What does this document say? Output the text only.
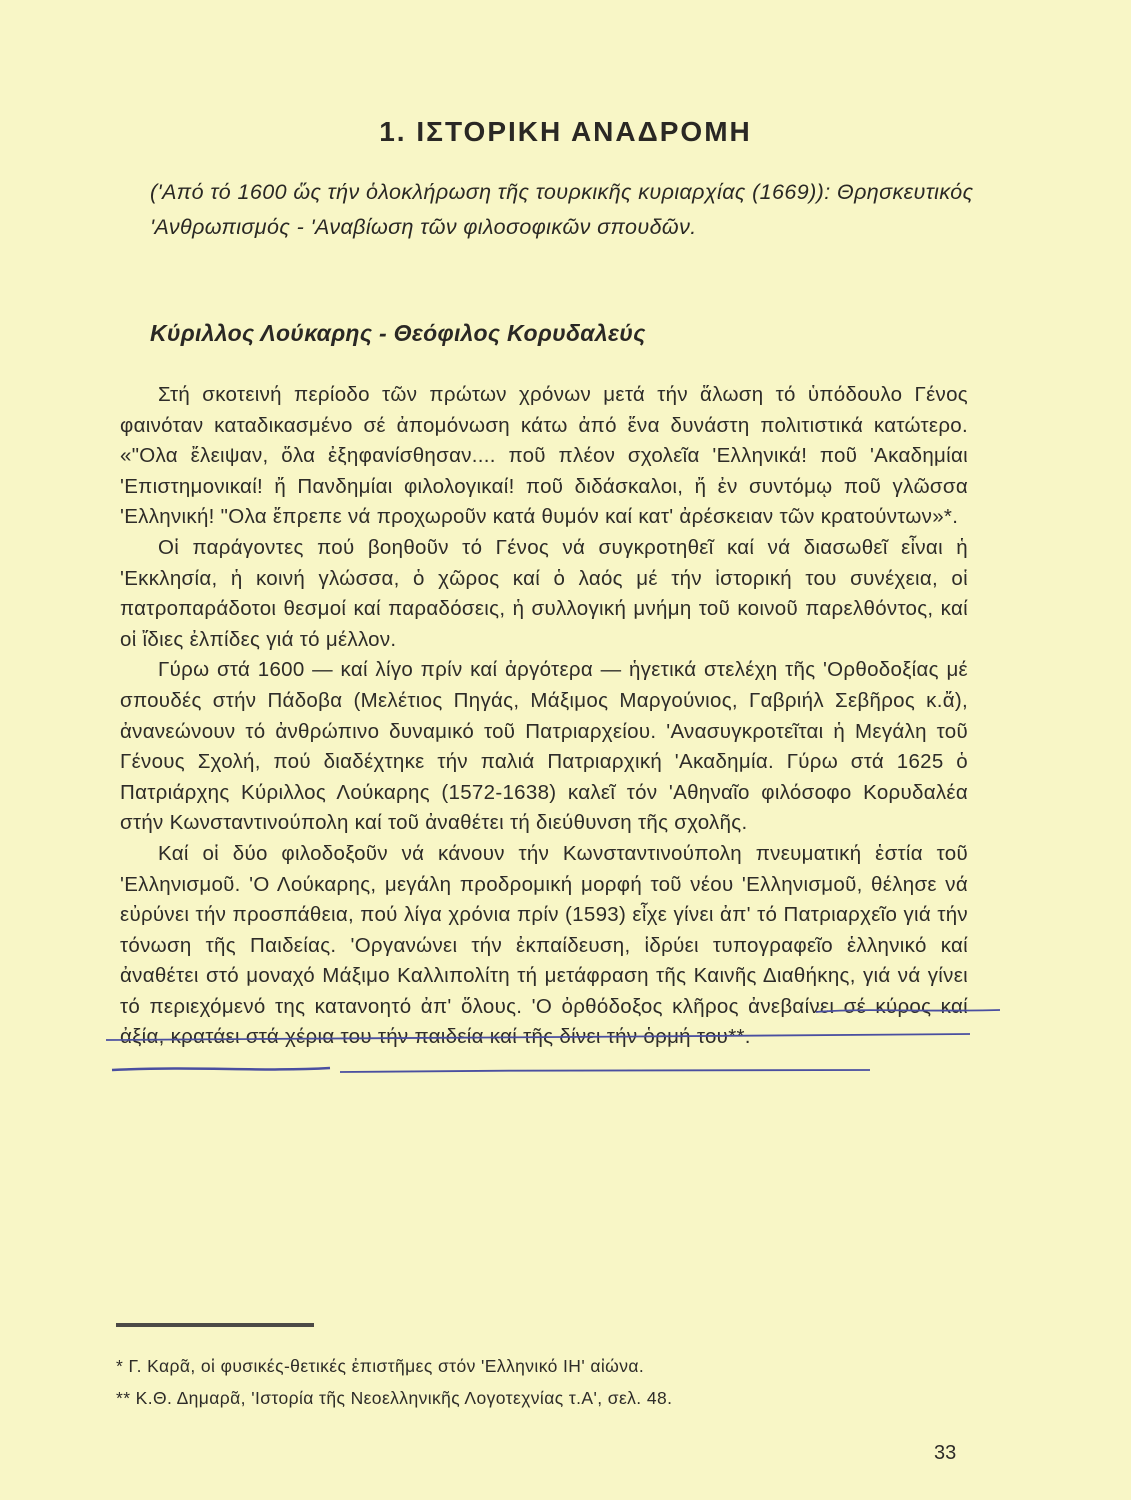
1. ΙΣΤΟΡΙΚΗ ΑΝΑΔΡΟΜΗ
('Από τό 1600 ὥς τήν ὁλοκλήρωση τῆς τουρκικῆς κυριαρχίας (1669)): Θρησκευτικός 'Ανθρωπισμός - 'Αναβίωση τῶν φιλοσοφικῶν σπουδῶν.
Κύριλλος Λούκαρης - Θεόφιλος Κορυδαλεύς

Στή σκοτεινή περίοδο τῶν πρώτων χρόνων μετά τήν ἅλωση τό ὑπόδουλο Γένος φαινόταν καταδικασμένο σέ ἀπομόνωση κάτω ἀπό ἕνα δυνάστη πολιτιστικά κατώτερο. «"Ολα ἔλειψαν, ὅλα ἐξηφανίσθησαν.... ποῦ πλέον σχολεῖα 'Ελληνικά! ποῦ 'Ακαδημίαι 'Επιστημονικαί! ἤ Πανδημίαι φιλολογικαί! ποῦ διδάσκαλοι, ἤ ἐν συντόμῳ ποῦ γλῶσσα 'Ελληνική! "Ολα ἔπρεπε νά προχωροῦν κατά θυμόν καί κατ' ἀρέσκειαν τῶν κρατούντων»*.

Οἱ παράγοντες πού βοηθοῦν τό Γένος νά συγκροτηθεῖ καί νά διασωθεῖ εἶναι ἡ 'Εκκλησία, ἡ κοινή γλώσσα, ὁ χῶρος καί ὁ λαός μέ τήν ἱστορική του συνέχεια, οἱ πατροπαράδοτοι θεσμοί καί παραδόσεις, ἡ συλλογική μνήμη τοῦ κοινοῦ παρελθόντος, καί οἱ ἴδιες ἐλπίδες γιά τό μέλλον.

Γύρω στά 1600 — καί λίγο πρίν καί ἀργότερα — ἡγετικά στελέχη τῆς 'Ορθοδοξίας μέ σπουδές στήν Πάδοβα (Μελέτιος Πηγάς, Μάξιμος Μαργούνιος, Γαβριήλ Σεβῆρος κ.ἄ), ἀνανεώνουν τό ἀνθρώπινο δυναμικό τοῦ Πατριαρχείου. 'Ανασυγκροτεῖται ἡ Μεγάλη τοῦ Γένους Σχολή, πού διαδέχτηκε τήν παλιά Πατριαρχική 'Ακαδημία. Γύρω στά 1625 ὁ Πατριάρχης Κύριλλος Λούκαρης (1572-1638) καλεῖ τόν 'Αθηναῖο φιλόσοφο Κορυδαλέα στήν Κωνσταντινούπολη καί τοῦ ἀναθέτει τή διεύθυνση τῆς σχολῆς.

Καί οἱ δύο φιλοδοξοῦν νά κάνουν τήν Κωνσταντινούπολη πνευματική ἑστία τοῦ 'Ελληνισμοῦ. 'Ο Λούκαρης, μεγάλη προδρομική μορφή τοῦ νέου 'Ελληνισμοῦ, θέλησε νά εὐρύνει τήν προσπάθεια, πού λίγα χρόνια πρίν (1593) εἶχε γίνει ἀπ' τό Πατριαρχεῖο γιά τήν τόνωση τῆς Παιδείας. 'Οργανώνει τήν ἐκπαίδευση, ἱδρύει τυπογραφεῖο ἑλληνικό καί ἀναθέτει στό μοναχό Μάξιμο Καλλιπολίτη τή μετάφραση τῆς Καινῆς Διαθήκης, γιά νά γίνει τό περιεχόμενό της κατανοητό ἀπ' ὅλους. 'Ο ὀρθόδοξος κλῆρος ἀνεβαίνει σέ κύρος καί ἀξία, κρατάει στά χέρια του τήν παιδεία καί τῆς δίνει τήν ὁρμή του**.

* Γ. Καρᾶ, οἱ φυσικές-θετικές ἐπιστῆμες στόν 'Ελληνικό ΙΗ' αἰώνα.
** Κ.Θ. Δημαρᾶ, 'Ιστορία τῆς Νεοελληνικῆς Λογοτεχνίας τ.Α', σελ. 48.
33
